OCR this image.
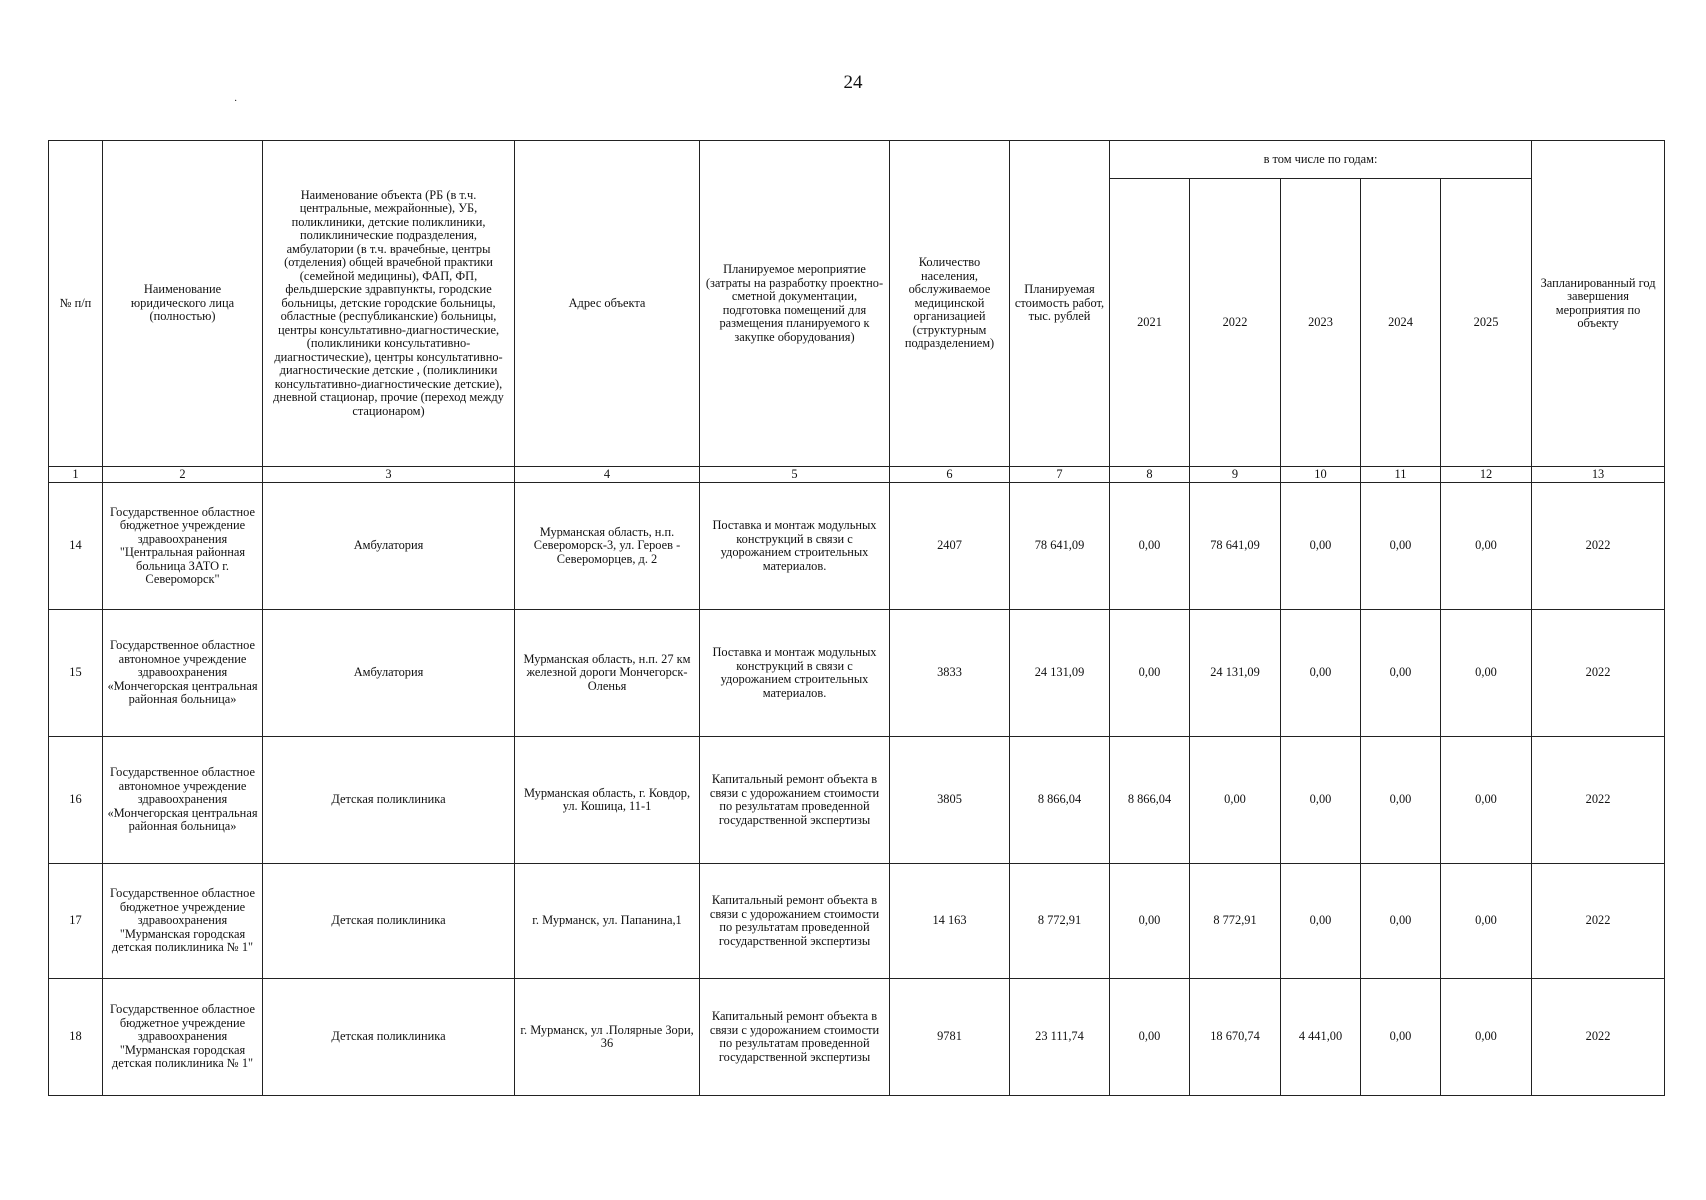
24
·
№ п/п	Наименование юридического лица (полностью)	Наименование объекта (РБ (в т.ч. центральные, межрайонные), УБ, поликлиники, детские поликлиники, поликлинические подразделения, амбулатории (в т.ч. врачебные, центры (отделения) общей врачебной практики (семейной медицины), ФАП, ФП, фельдшерские здравпункты, городские больницы, детские городские больницы, областные (республиканские) больницы, центры консультативно-диагностические, (поликлиники консультативно-диагностические), центры консультативно-диагностические детские , (поликлиники консультативно-диагностические детские), дневной стационар, прочие (переход между стационаром)	Адрес объекта	Планируемое мероприятие (затраты на разработку проектно-сметной документации, подготовка помещений для размещения планируемого к закупке оборудования)	Количество населения, обслуживаемое медицинской организацией (структурным подразделением)	Планируемая стоимость работ, тыс. рублей	в том числе по годам:					Запланированный год завершения мероприятия по объекту
							2021	2022	2023	2024	2025	
1	2	3	4	5	6	7	8	9	10	11	12	13
14	Государственное областное бюджетное учреждение здравоохранения "Центральная районная больница ЗАТО г. Североморск"	Амбулатория	Мурманская область, н.п. Североморск-3, ул. Героев - Североморцев, д. 2	Поставка и монтаж модульных конструкций в связи с удорожанием строительных материалов.	2407	78 641,09	0,00	78 641,09	0,00	0,00	0,00	2022
15	Государственное областное автономное учреждение здравоохранения «Мончегорская центральная районная больница»	Амбулатория	Мурманская область, н.п. 27 км железной дороги Мончегорск-Оленья	Поставка и монтаж модульных конструкций в связи с удорожанием строительных материалов.	3833	24 131,09	0,00	24 131,09	0,00	0,00	0,00	2022
16	Государственное областное автономное учреждение здравоохранения «Мончегорская центральная районная больница»	Детская поликлиника	Мурманская область, г. Ковдор, ул. Кошица, 11-1	Капитальный ремонт объекта в связи с удорожанием стоимости по результатам проведенной государственной экспертизы	3805	8 866,04	8 866,04	0,00	0,00	0,00	0,00	2022
17	Государственное областное бюджетное учреждение здравоохранения "Мурманская городская детская поликлиника № 1"	Детская поликлиника	г. Мурманск, ул. Папанина,1	Капитальный ремонт объекта в связи с удорожанием стоимости по результатам проведенной государственной экспертизы	14 163	8 772,91	0,00	8 772,91	0,00	0,00	0,00	2022
18	Государственное областное бюджетное учреждение здравоохранения "Мурманская городская детская поликлиника № 1"	Детская поликлиника	г. Мурманск, ул .Полярные Зори, 36	Капитальный ремонт объекта в связи с удорожанием стоимости по результатам проведенной государственной экспертизы	9781	23 111,74	0,00	18 670,74	4 441,00	0,00	0,00	2022
